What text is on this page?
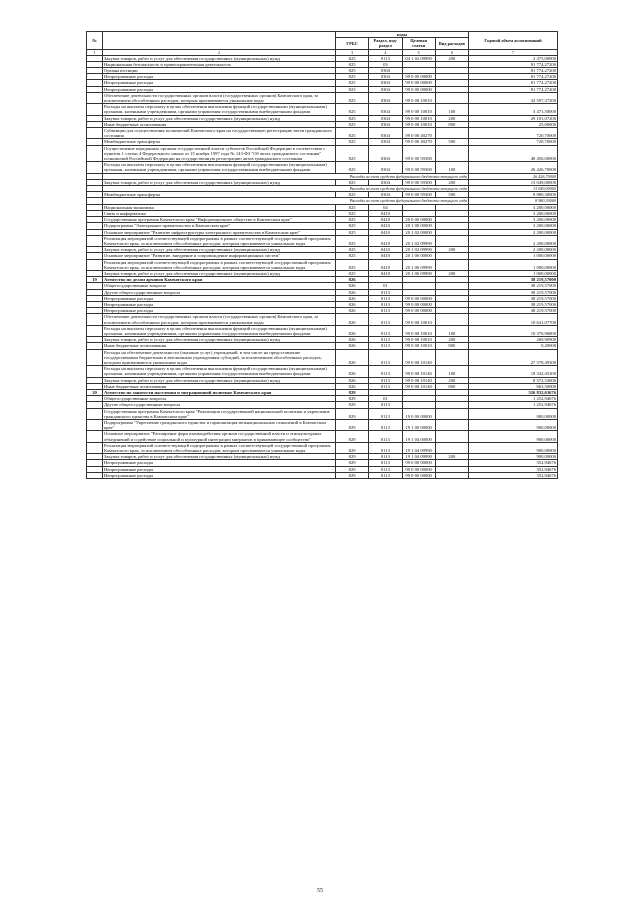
№		коды				Годовой объем ассигнований
		ГРБС	Раздел, под-раздел	Целевая статья	Вид расходов	
1	2	3	4	5	6	7
	Закупка товаров, работ и услуг для обеспечения государственных (муниципальных) нужд	825	0113	04 1 02 09990	200	2 475,00000
	Национальная безопасность и правоохранительная деятельность	825	03			81 774,27200
	Органы юстиции	825	0304			81 774,27200
	Непрограммные расходы	825	0304	99 0 00 00000		81 774,27200
	Непрограммные расходы	825	0304	99 0 00 00000		81 774,27200
	Непрограммные расходы	825	0304	99 0 00 00000		81 774,27200
	Обеспечение деятельности государственных органов власти (государственных органов) Камчатского края, за исключением обособленных расходов, которым присваиваются уникальные коды	825	0304	99 0 00 10010		32 597,37200
	Расходы на выплаты персоналу в целях обеспечения выполнения функций государственными (муниципальными) органами, казенными учреждениями, органами управления государственными внебюджетными фондами	825	0304	99 0 00 10010	100	3 471,50000
	Закупка товаров, работ и услуг для обеспечения государственных (муниципальных) нужд	825	0304	99 0 00 10010	200	29 101,07200
	Иные бюджетные ассигнования	825	0304	99 0 00 10010	800	25,00000
	Субвенции для осуществления полномочий Камчатского края на государственную регистрацию актов гражданского состояния	825	0304	99 0 00 40270		720,70000
	Межбюджетные трансферты	825	0304	99 0 00 40270	500	720,70000
	Осуществление переданных органам государственной власти субъектов Российской Федерации в соответствии с пунктом 1 статьи 4 Федерального закона от 15 ноября 1997 года № 143-ФЗ "Об актах гражданского состояния" полномочий Российской Федерации на государственную регистрацию актов гражданского состояния	825	0304	99 0 00 59300		48 456,00000
	Расходы на выплаты персоналу в целях обеспечения выполнения функций государственными (муниципальными) органами, казенными учреждениями, органами управления государственными внебюджетными фондами	825	0304	99 0 00 59300	100	26 426,70000
	Расходы за счет средств федерального бюджета текущего года					26 426,70000
	Закупка товаров, работ и услуг для обеспечения государственных (муниципальных) нужд	825	0304	99 0 00 59300	200	13 049,00000
	Расходы за счет средств федерального бюджета текущего года					13 049,00000
	Межбюджетные трансферты	825	0304	99 0 00 59300	500	8 980,30000
	Расходы за счет средств федерального бюджета текущего года					8 980,30000
	Национальная экономика	825	04			3 200,00000
	Связь и информатика	825	0410			3 200,00000
	Государственная программа Камчатского края "Информационное общество в Камчатском крае"	825	0410	20 0 00 00000		3 200,00000
	Подпрограмма "Электронное правительство в Камчатском крае"	825	0410	20 1 00 00000		3 200,00000
	Основное мероприятие "Развитие инфраструктуры электронного правительства в Камчатском крае"	825	0410	20 1 02 00000		2 200,00000
	Реализация мероприятий соответствующей подпрограммы в рамках соответствующей государственной программы Камчатского края, за исключением обособленных расходов, которым присваиваются уникальные коды	825	0410	20 1 02 09990		2 200,00000
	Закупка товаров, работ и услуг для обеспечения государственных (муниципальных) нужд	825	0410	20 1 02 09990	200	2 200,00000
	Основное мероприятие "Развитие, внедрение и сопровождение информационных систем"	825	0410	20 1 06 00000		1 000,00000
	Реализация мероприятий соответствующей подпрограммы в рамках соответствующей государственной программы Камчатского края, за исключением обособленных расходов, которым присваиваются уникальные коды	825	0410	20 1 06 09990		1 000,00000
	Закупка товаров, работ и услуг для обеспечения государственных (муниципальных) нужд	825	0410	20 1 06 09990	200	1 000,00000
19	Агентство по делам архивов Камчатского края	826				38 219,57000
	Общегосударственные вопросы	826	01			38 219,57000
	Другие общегосударственные вопросы	826	0113			38 219,57000
	Непрограммные расходы	826	0113	99 0 00 00000		38 219,57000
	Непрограммные расходы	826	0113	99 0 00 00000		38 219,57000
	Непрограммные расходы	826	0113	99 0 00 00000		38 219,57000
	Обеспечение деятельности государственных органов власти (государственных органов) Камчатского края, за исключением обособленных расходов, которым присваиваются уникальные коды	826	0113	99 0 00 10010		10 641,07700
	Расходы на выплаты персоналу в целях обеспечения выполнения функций государственными (муниципальными) органами, казенными учреждениями, органами управления государственными внебюджетными фондами	826	0113	99 0 00 10010	100	10 370,96800
	Закупка товаров, работ и услуг для обеспечения государственных (муниципальных) нужд	826	0113	99 0 00 10010	200	269,90900
	Иные бюджетные ассигнования	826	0113	99 0 00 10010	800	0,20000
	Расходы на обеспечение деятельности (оказание услуг) учреждений, в том числе на предоставление государственным бюджетным и автономным учреждениям субсидий, за исключением обособленных расходов, которым присваиваются уникальные коды	826	0113	99 0 00 10140		27 578,49300
	Расходы на выплаты персоналу в целях обеспечения выполнения функций государственными (муниципальными) органами, казенными учреждениями, органами управления государственными внебюджетными фондами	826	0113	99 0 00 10140	100	18 342,45300
	Закупка товаров, работ и услуг для обеспечения государственных (муниципальных) нужд	826	0113	99 0 00 10140	200	8 572,54000
	Иные бюджетные ассигнования	826	0113	99 0 00 10140	800	663,50000
20	Агентство по занятости населения и миграционной политике Камчатского края	829				526 832,63676
	Общегосударственные вопросы	829	01			1 252,94676
	Другие общегосударственные вопросы	829	0113			1 252,94676
	Государственная программа Камчатского края "Реализация государственной национальной политики и укрепление гражданского единства в Камчатском крае"	829	0113	19 0 00 00000		900,00000
	Подпрограмма "Укрепление гражданского единства и гармонизация межнациональных отношений в Камчатском крае"	829	0113	19 1 00 00000		900,00000
	Основное мероприятие "Расширение форм взаимодействия органов государственной власти и этнокультурных объединений и содействие социальной и культурной интеграции мигрантов в принимающее сообщество"	829	0113	19 1 04 00000		900,00000
	Реализация мероприятий соответствующей подпрограммы в рамках соответствующей государственной программы Камчатского края, за исключением обособленных расходов, которым присваиваются уникальные коды	829	0113	19 1 04 09990		900,00000
	Закупка товаров, работ и услуг для обеспечения государственных (муниципальных) нужд	829	0113	19 1 04 09990	200	900,00000
	Непрограммные расходы	829	0113	99 0 00 00000		352,94676
	Непрограммные расходы	829	0113	99 0 00 00000		352,94676
	Непрограммные расходы	829	0113	99 0 00 00000		352,94676
55
